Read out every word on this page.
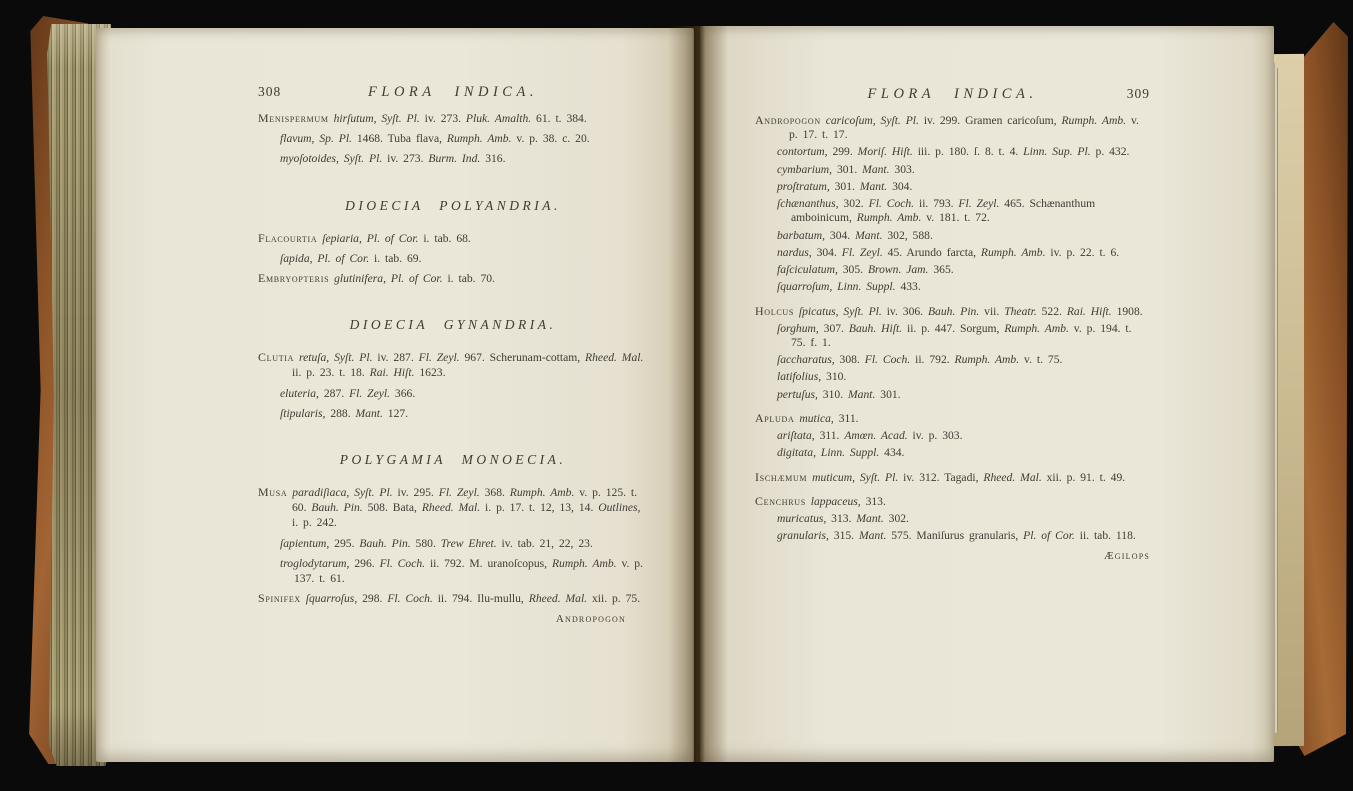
308	FLORA INDICA.

Menispermum hirſutum, Syſt. Pl. iv. 273. Pluk. Amalth. 61. t. 384.

flavum, Sp. Pl. 1468. Tuba flava, Rumph. Amb. v. p. 38. c. 20.

myoſotoides, Syſt. Pl. iv. 273. Burm. Ind. 316.

DIOECIA POLYANDRIA.

Flacourtia ſepiaria, Pl. of Cor. i. tab. 68.

ſapida, Pl. of Cor. i. tab. 69.

Embryopteris glutinifera, Pl. of Cor. i. tab. 70.

DIOECIA GYNANDRIA.

Clutia retuſa, Syſt. Pl. iv. 287. Fl. Zeyl. 967. Scherunam-cottam, Rheed. Mal. ii. p. 23. t. 18. Rai. Hiſt. 1623.

eluteria, 287. Fl. Zeyl. 366.

ſtipularis, 288. Mant. 127.

POLYGAMIA MONOECIA.

Musa paradiſiaca, Syſt. Pl. iv. 295. Fl. Zeyl. 368. Rumph. Amb. v. p. 125. t. 60. Bauh. Pin. 508. Bata, Rheed. Mal. i. p. 17. t. 12, 13, 14. Outlines, i. p. 242.

ſapientum, 295. Bauh. Pin. 580. Trew Ehret. iv. tab. 21, 22, 23.

troglodytarum, 296. Fl. Coch. ii. 792. M. uranoſcopus, Rumph. Amb. v. p. 137. t. 61.

Spinifex ſquarroſus, 298. Fl. Coch. ii. 794. Ilu-mullu, Rheed. Mal. xii. p. 75.

Andropogon
FLORA INDICA.	309

Andropogon caricoſum, Syſt. Pl. iv. 299. Gramen caricoſum, Rumph. Amb. v. p. 17. t. 17.

contortum, 299. Moriſ. Hiſt. iii. p. 180. ſ. 8. t. 4. Linn. Sup. Pl. p. 432.

cymbarium, 301. Mant. 303.

proſtratum, 301. Mant. 304.

ſchænanthus, 302. Fl. Coch. ii. 793. Fl. Zeyl. 465. Schænanthum amboinicum, Rumph. Amb. v. 181. t. 72.

barbatum, 304. Mant. 302, 588.

nardus, 304. Fl. Zeyl. 45. Arundo farcta, Rumph. Amb. iv. p. 22. t. 6.

faſciculatum, 305. Brown. Jam. 365.

ſquarroſum, Linn. Suppl. 433.

Holcus ſpicatus, Syſt. Pl. iv. 306. Bauh. Pin. vii. Theatr. 522. Rai. Hiſt. 1908.

ſorghum, 307. Bauh. Hiſt. ii. p. 447. Sorgum, Rumph. Amb. v. p. 194. t. 75. f. 1.

ſaccharatus, 308. Fl. Coch. ii. 792. Rumph. Amb. v. t. 75.

latifolius, 310.

pertuſus, 310. Mant. 301.

Apluda mutica, 311.

ariſtata, 311. Amœn. Acad. iv. p. 303.

digitata, Linn. Suppl. 434.

Ischæmum muticum, Syſt. Pl. iv. 312. Tagadi, Rheed. Mal. xii. p. 91. t. 49.

Cenchrus lappaceus, 313.

muricatus, 313. Mant. 302.

granularis, 315. Mant. 575. Maniſurus granularis, Pl. of Cor. ii. tab. 118.

Ægilops
